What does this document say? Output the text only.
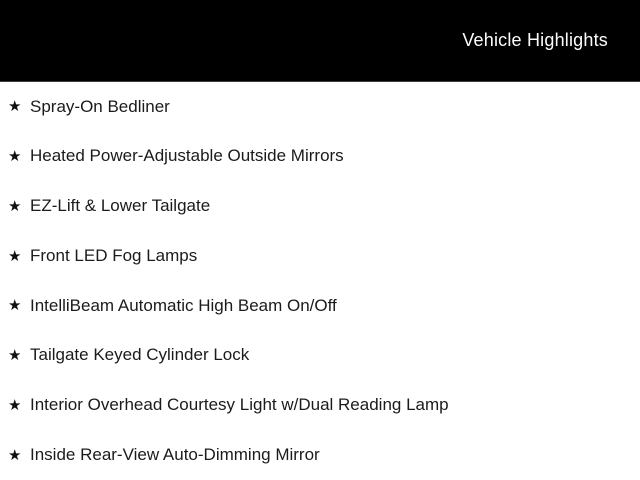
Vehicle Highlights
★ Spray-On Bedliner
★ Heated Power-Adjustable Outside Mirrors
★ EZ-Lift & Lower Tailgate
★ Front LED Fog Lamps
★ IntelliBeam Automatic High Beam On/Off
★ Tailgate Keyed Cylinder Lock
★ Interior Overhead Courtesy Light w/Dual Reading Lamp
★ Inside Rear-View Auto-Dimming Mirror
